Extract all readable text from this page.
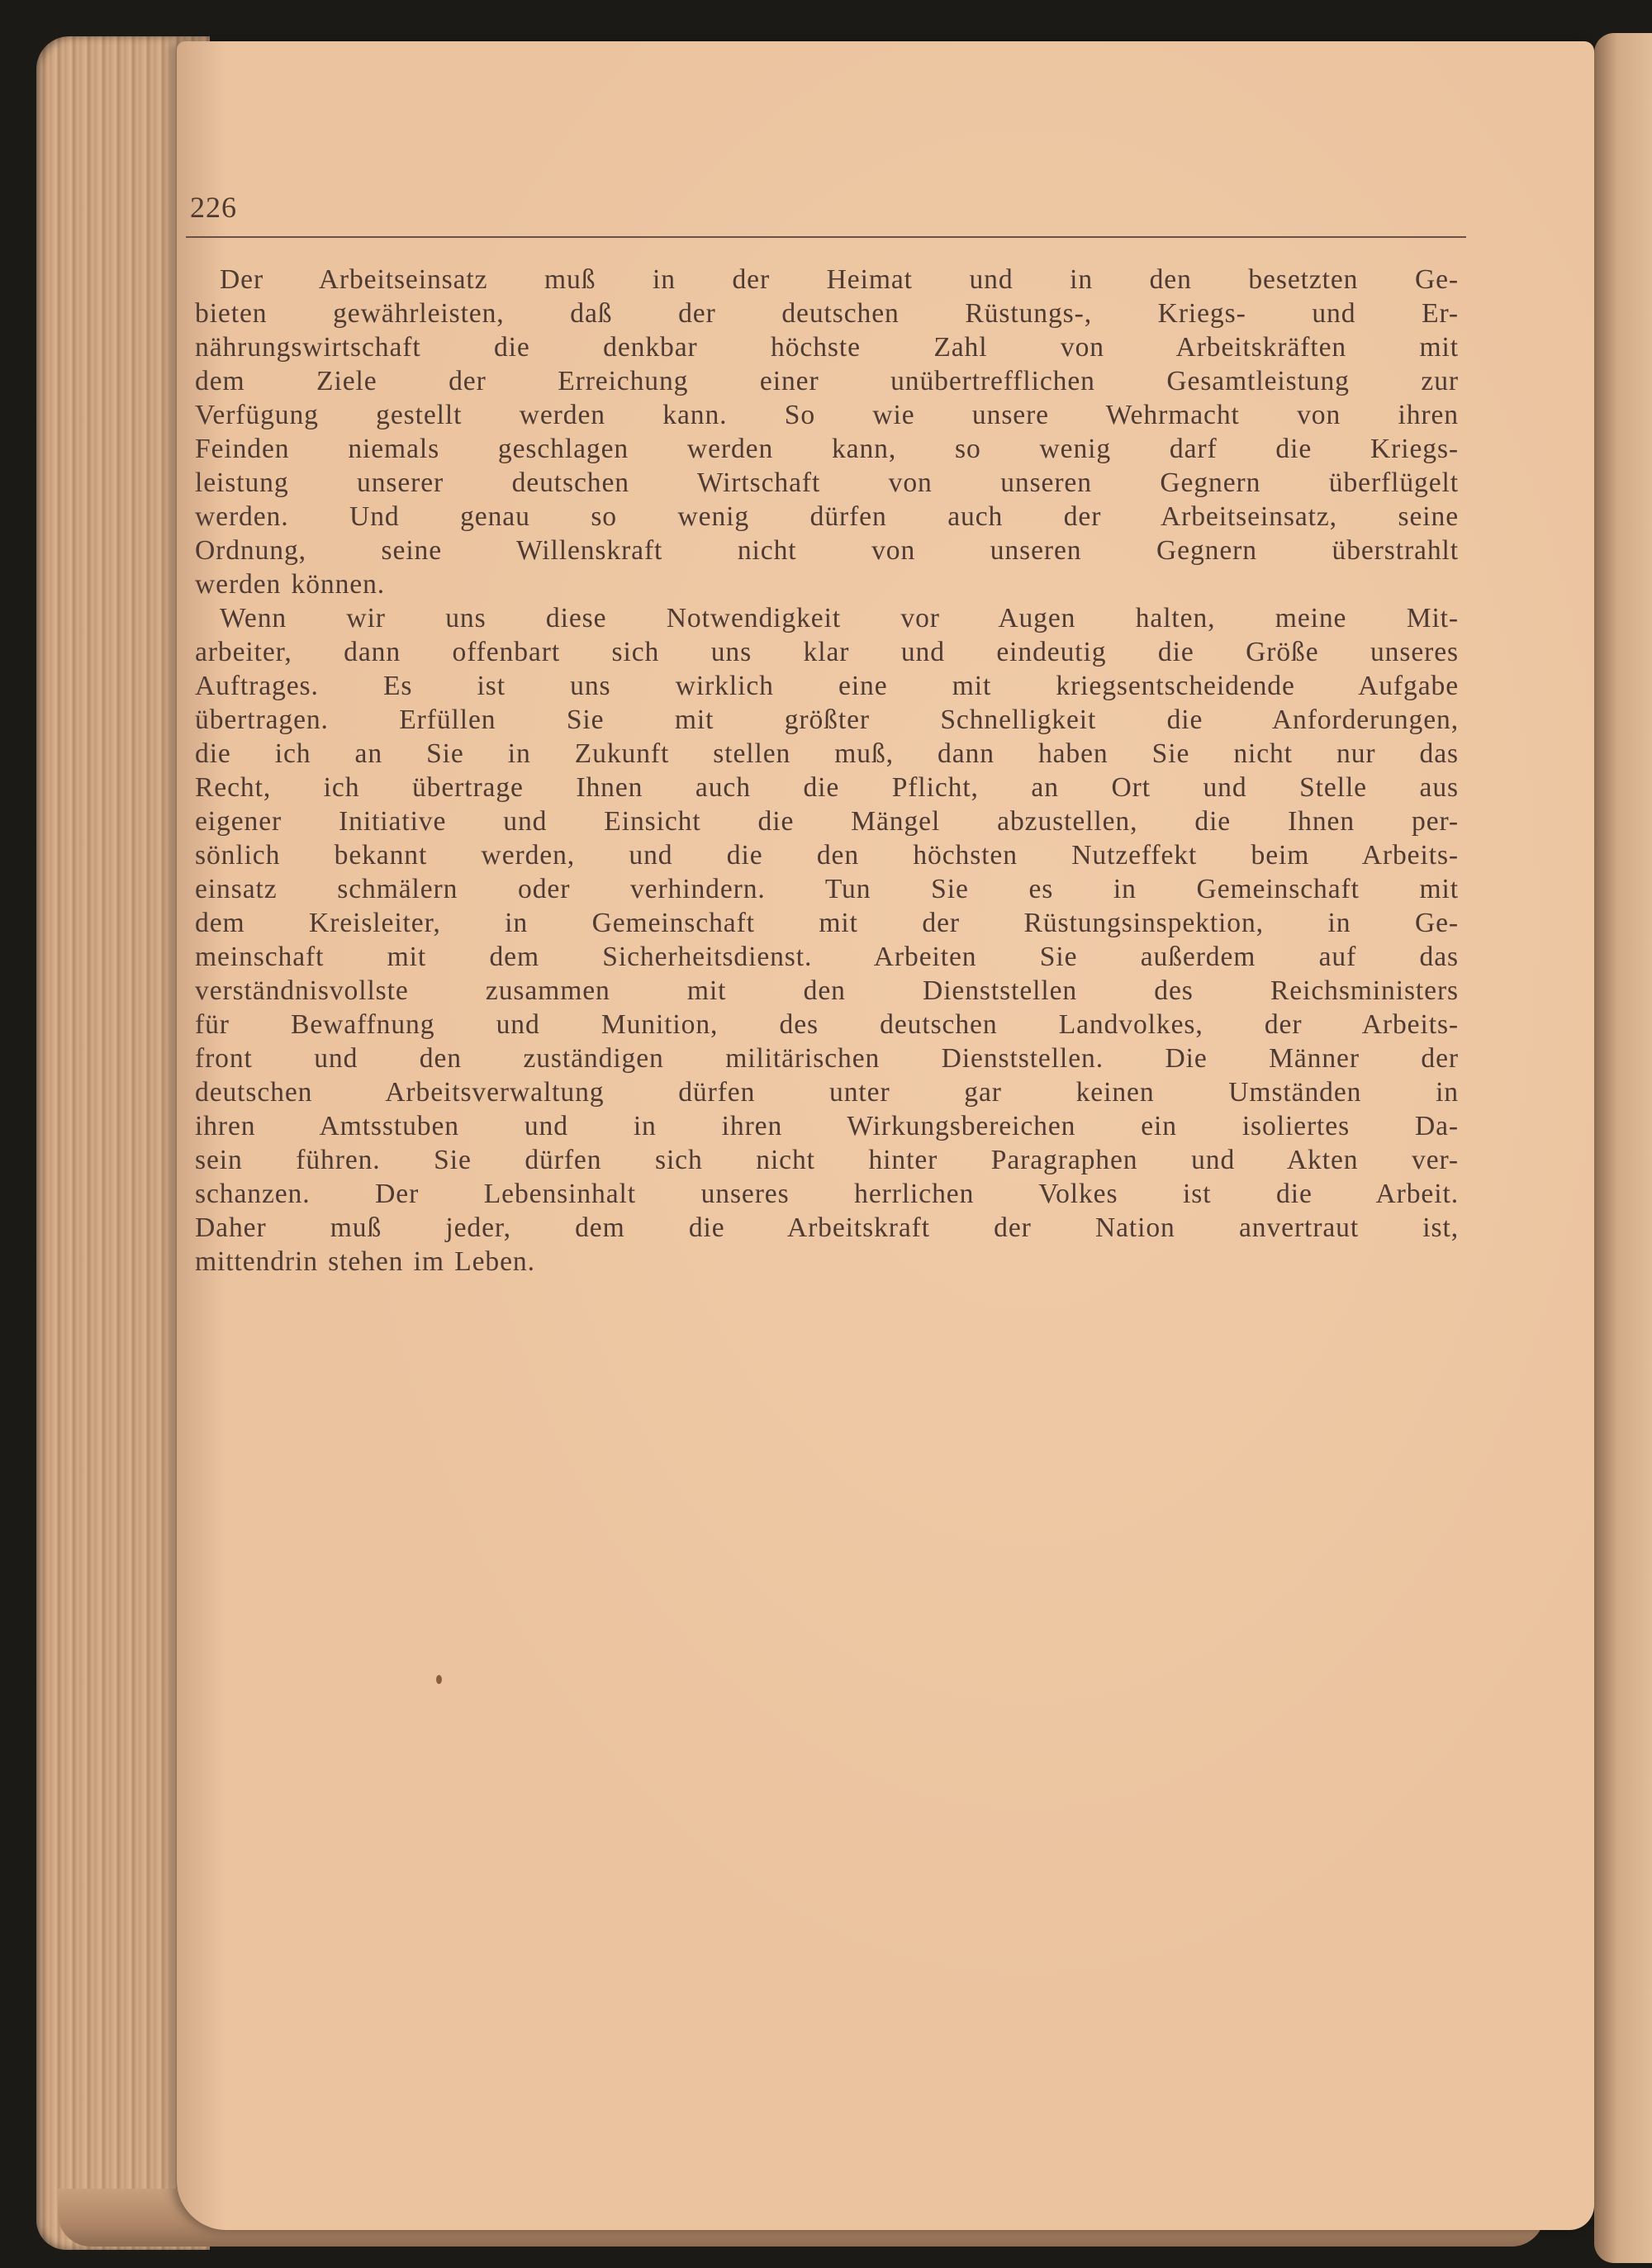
226

Der Arbeitseinsatz muß in der Heimat und in den besetzten Ge-
bieten gewährleisten, daß der deutschen Rüstungs-, Kriegs- und Er-
nährungswirtschaft die denkbar höchste Zahl von Arbeitskräften mit
dem Ziele der Erreichung einer unübertrefflichen Gesamtleistung zur
Verfügung gestellt werden kann. So wie unsere Wehrmacht von ihren
Feinden niemals geschlagen werden kann, so wenig darf die Kriegs-
leistung unserer deutschen Wirtschaft von unseren Gegnern überflügelt
werden. Und genau so wenig dürfen auch der Arbeitseinsatz, seine
Ordnung, seine Willenskraft nicht von unseren Gegnern überstrahlt
werden können.

Wenn wir uns diese Notwendigkeit vor Augen halten, meine Mit-
arbeiter, dann offenbart sich uns klar und eindeutig die Größe unseres
Auftrages. Es ist uns wirklich eine mit kriegsentscheidende Aufgabe
übertragen. Erfüllen Sie mit größter Schnelligkeit die Anforderungen,
die ich an Sie in Zukunft stellen muß, dann haben Sie nicht nur das
Recht, ich übertrage Ihnen auch die Pflicht, an Ort und Stelle aus
eigener Initiative und Einsicht die Mängel abzustellen, die Ihnen per-
sönlich bekannt werden, und die den höchsten Nutzeffekt beim Arbeits-
einsatz schmälern oder verhindern. Tun Sie es in Gemeinschaft mit
dem Kreisleiter, in Gemeinschaft mit der Rüstungsinspektion, in Ge-
meinschaft mit dem Sicherheitsdienst. Arbeiten Sie außerdem auf das
verständnisvollste zusammen mit den Dienststellen des Reichsministers
für Bewaffnung und Munition, des deutschen Landvolkes, der Arbeits-
front und den zuständigen militärischen Dienststellen. Die Männer der
deutschen Arbeitsverwaltung dürfen unter gar keinen Umständen in
ihren Amtsstuben und in ihren Wirkungsbereichen ein isoliertes Da-
sein führen. Sie dürfen sich nicht hinter Paragraphen und Akten ver-
schanzen. Der Lebensinhalt unseres herrlichen Volkes ist die Arbeit.
Daher muß jeder, dem die Arbeitskraft der Nation anvertraut ist,
mittendrin stehen im Leben.
